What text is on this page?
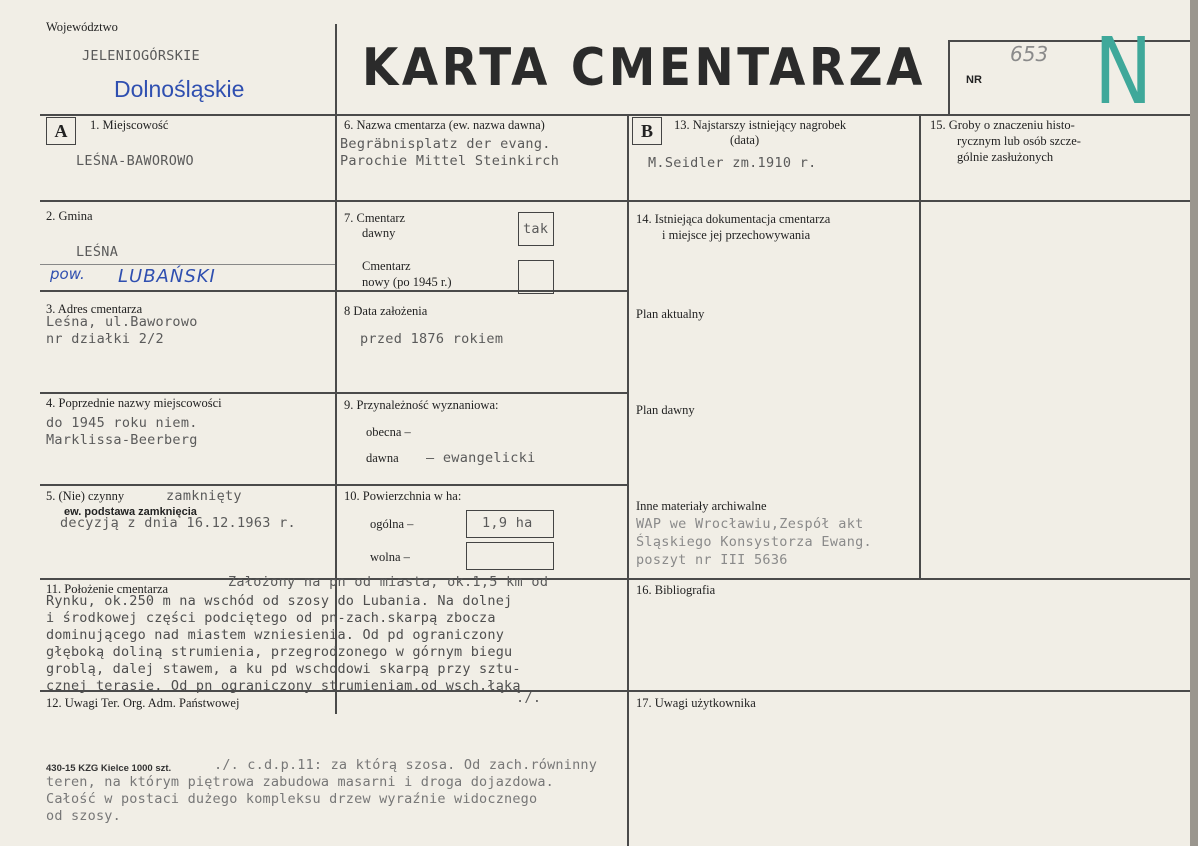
Województwo
JELENIOGÓRSKIE
Dolnośląskie KARTA CMENTARZA	NR
653 N
A	B
1. Miejscowość
LEŚNA-BAWOROWO
2. Gmina
LEŚNA
pow. LUBAŃSKI
3. Adres cmentarza
Leśna, ul.Bawor​owo
nr działki 2/2
4. Poprzednie nazwy miejscowości
do 1945 roku niem.
Marklissa-Beerberg
5. (Nie) czynny	zamknięty
ew. podstawa zamknięcia
decyzją z dnia 16.12.1963 r.
6. Nazwa cmentarza (ew. nazwa dawna)
Begräbnisplatz der evang.
Parochie Mittel Steinkirch
7. Cmentarz
dawny	tak
Cmentarz
nowy (po 1945 r.)
8 Data założenia
przed 1876 rokiem
9. Przynależność wyznaniowa:
obecna –
dawna – ewangelicki
10. Powierzchnia w ha:
ogólna –	1,9 ha
wolna –
13. Najstarszy istniejący nagrobek
(data)
M.Seidler zm.1910 r.
14. Istniejąca dokumentacja cmentarza
i miejsce jej przechowywania
Plan aktualny
Plan dawny
Inne materiały archiwalne
WAP we Wrocławiu,Zespół akt
Śląskiego Konsystorza Ewang.
poszyt nr III 5636
15. Groby o znaczeniu histo-
rycznym lub osób szcze-
gólnie zasłużonych
11. Położenie cmentarza	Założony na pn od miasta, ok.1,5 km od
Rynku, ok.250 m na wschód od szosy do Lubania. Na dolnej
i środkowej części podciętego od pn-zach.skarpą zbocza
dominującego nad miastem wzniesienia. Od pd ograniczony
głęboką doliną strumienia, przegrodzonego w górnym biegu
groblą, dalej stawem, a ku pd wschodowi skarpą przy sztu-
cznej terasie. Od pn ograniczony strumieniam,od wsch.łąką
./.
12. Uwagi Ter. Org. Adm. Państwowej
16. Bibliografia
17. Uwagi użytkownika
430-15 KZG Kielce 1000 szt.	./. c.d.p.11: za którą szosa. Od zach.równinny
teren, na którym piętrowa zabudowa masarni i droga dojazdowa.
Całość w postaci dużego kompleksu drzew wyraźnie widocznego
od szosy.
